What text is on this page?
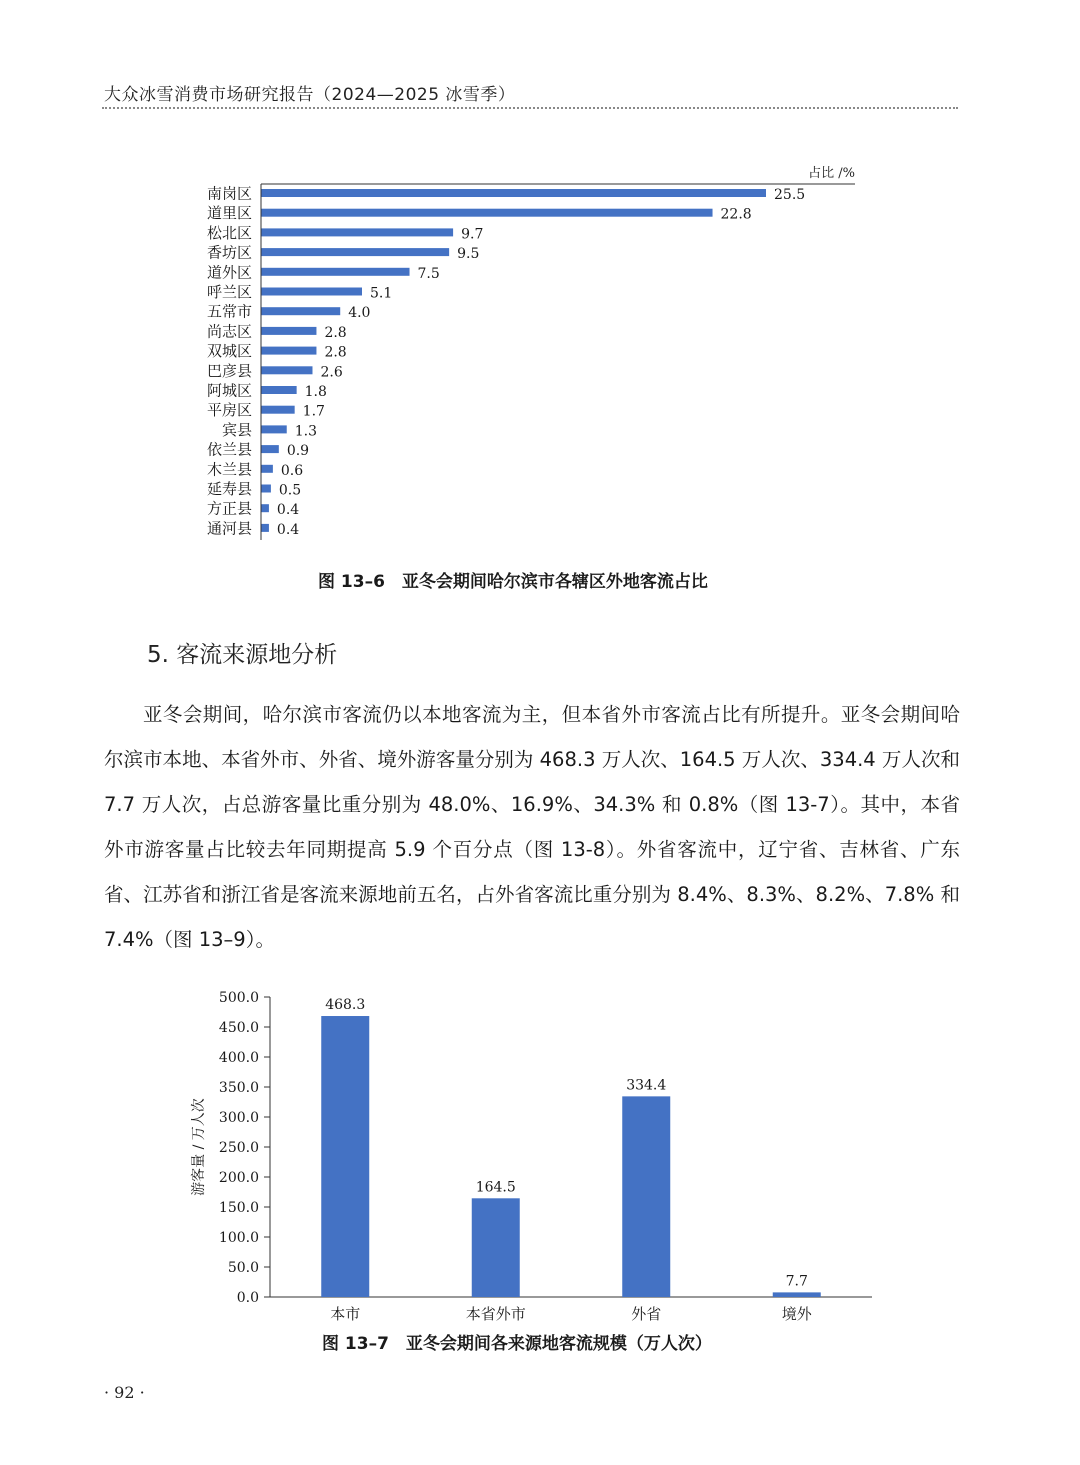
大众冰雪消费市场研究报告（2024—2025 冰雪季）
占比 /%
南岗区	25.5
道里区	22.8
松北区	9.7
香坊区	9.5
道外区	7.5
呼兰区	5.1
五常市	4.0
尚志区	2.8
双城区	2.8
巴彦县	2.6
阿城区	1.8
平房区	1.7
宾县	1.3
依兰县 0.9
木兰县 0.6
延寿县 0.5
方正县 0.4
通河县 0.4
图 13–6　亚冬会期间哈尔滨市各辖区外地客流占比
5. 客流来源地分析

亚冬会期间，哈尔滨市客流仍以本地客流为主，但本省外市客流占比有所提升。亚冬会期间哈尔滨市本地、本省外市、外省、境外游客量分别为 468.3 万人次、164.5 万人次、334.4 万人次和 7.7 万人次，占总游客量比重分别为 48.0%、16.9%、34.3% 和 0.8%（图 13-7）。其中，本省外市游客量占比较去年同期提高 5.9 个百分点（图 13-8）。外省客流中，辽宁省、吉林省、广东省、江苏省和浙江省是客流来源地前五名，占外省客流比重分别为 8.4%、8.3%、8.2%、7.8% 和 7.4%（图 13–9）。

0.0
50.0
100.0
150.0
200.0
250.0
300.0
350.0
400.0
450.0
500.0
游客量 / 万人次
468.3
本市
164.5
本省外市
334.4
外省
7.7
境外
图 13–7　亚冬会期间各来源地客流规模（万人次）
· 92 ·
